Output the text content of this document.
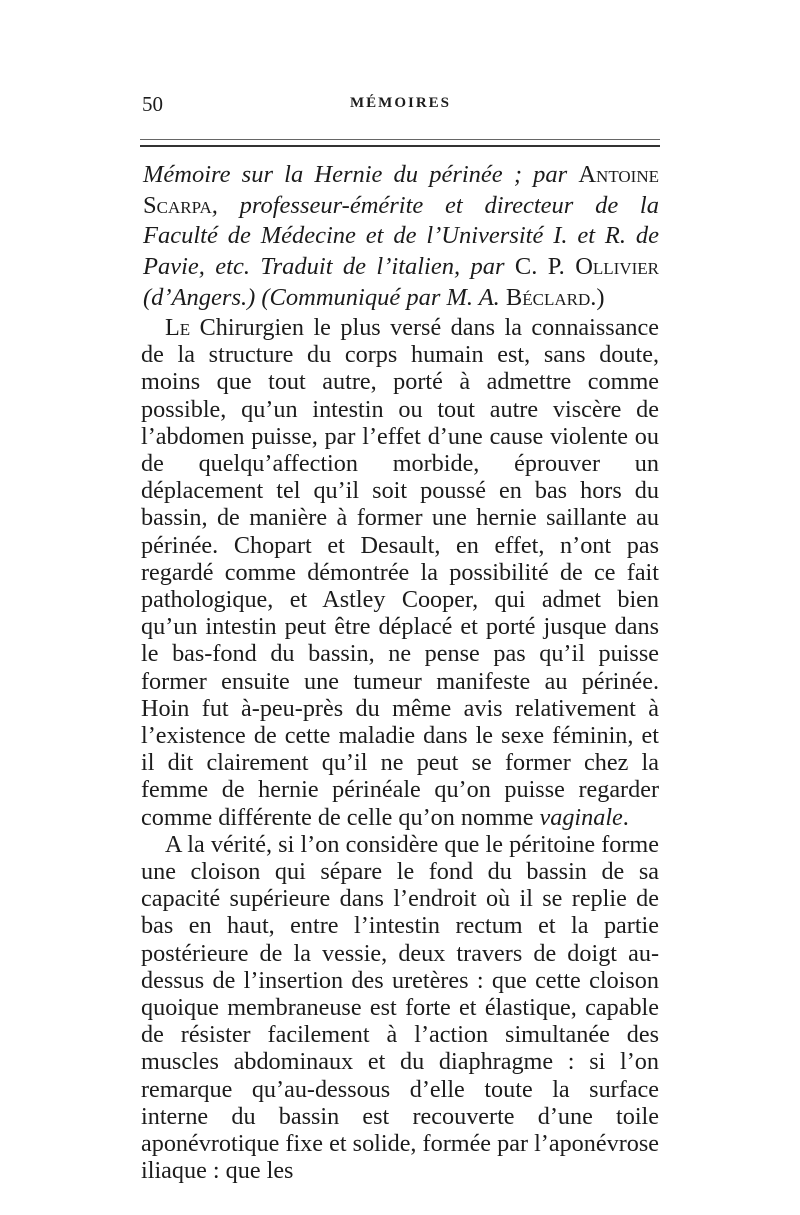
50	MÉMOIRES
Mémoire sur la Hernie du périnée ; par Antoine Scarpa, professeur-émérite et directeur de la Faculté de Médecine et de l’Université I. et R. de Pavie, etc. Traduit de l’italien, par C. P. Ollivier (d’Angers.) (Communiqué par M. A. Béclard.)

Le Chirurgien le plus versé dans la connaissance de la structure du corps humain est, sans doute, moins que tout autre, porté à admettre comme possible, qu’un intestin ou tout autre viscère de l’abdomen puisse, par l’effet d’une cause violente ou de quelqu’affection morbide, éprouver un déplacement tel qu’il soit poussé en bas hors du bassin, de manière à former une hernie saillante au périnée. Chopart et Desault, en effet, n’ont pas regardé comme démontrée la possibilité de ce fait pathologique, et Astley Cooper, qui admet bien qu’un intestin peut être déplacé et porté jusque dans le bas-fond du bassin, ne pense pas qu’il puisse former ensuite une tumeur manifeste au périnée. Hoin fut à-peu-près du même avis relativement à l’existence de cette maladie dans le sexe féminin, et il dit clairement qu’il ne peut se former chez la femme de hernie périnéale qu’on puisse regarder comme différente de celle qu’on nomme vaginale.

A la vérité, si l’on considère que le péritoine forme une cloison qui sépare le fond du bassin de sa capacité supérieure dans l’endroit où il se replie de bas en haut, entre l’intestin rectum et la partie postérieure de la vessie, deux travers de doigt au-dessus de l’insertion des uretères : que cette cloison quoique membraneuse est forte et élastique, capable de résister facilement à l’action simultanée des muscles abdominaux et du diaphragme : si l’on remarque qu’au-dessous d’elle toute la surface interne du bassin est recouverte d’une toile aponévrotique fixe et solide, formée par l’aponévrose iliaque : que les
